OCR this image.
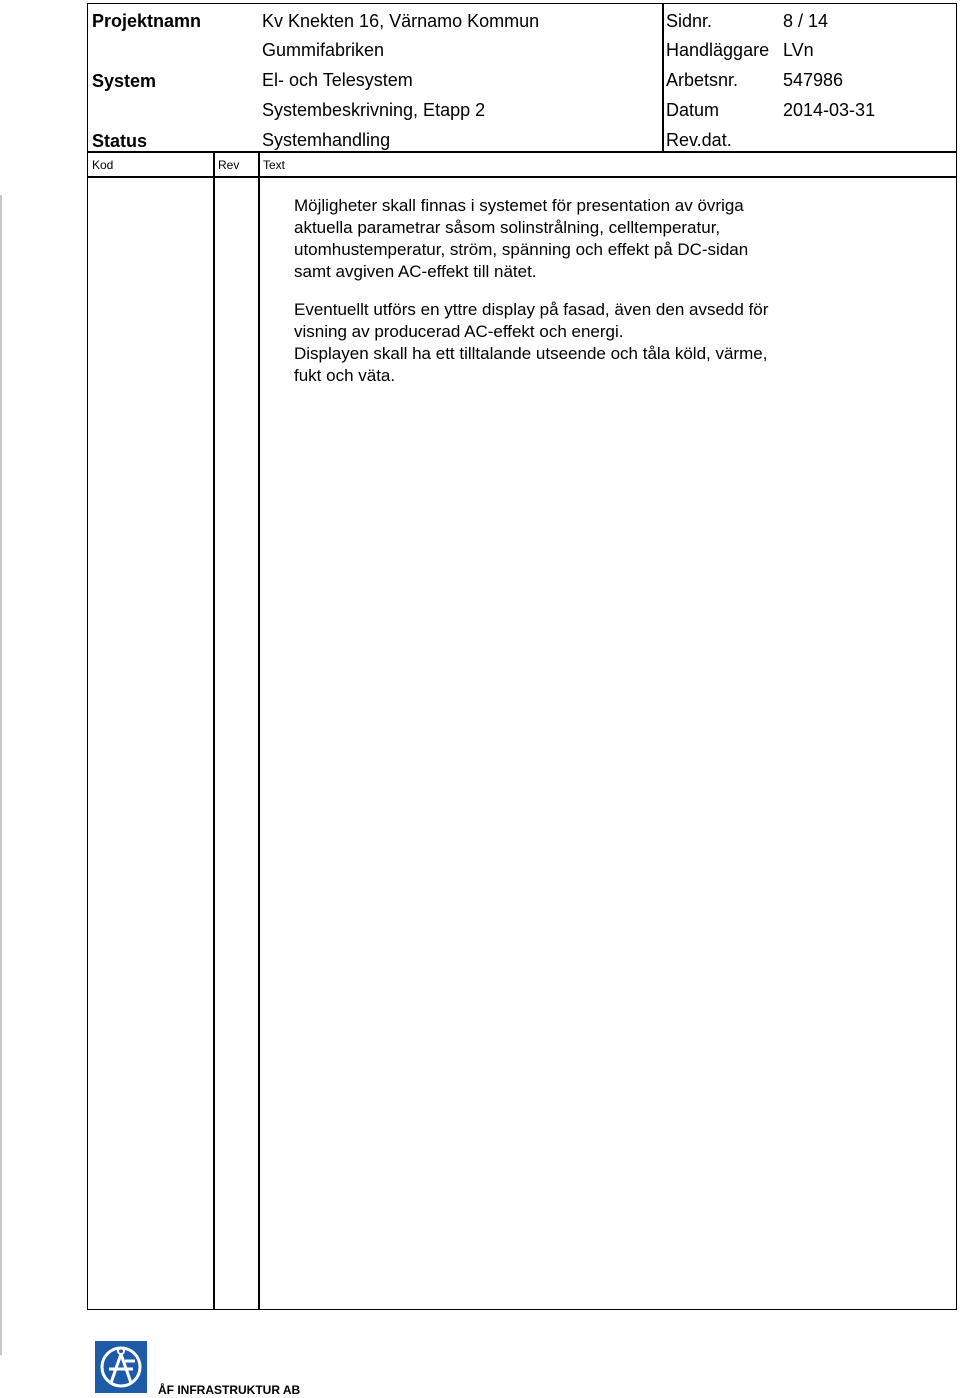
Projektnamn	Kv Knekten 16, Värnamo Kommun
Gummifabriken
System	El- och Telesystem
Systembeskrivning, Etapp 2
Status	Systemhandling
Sidnr.	8 / 14
Handläggare LVn
Arbetsnr. 547986
Datum	2014-03-31
Rev.dat.
Kod	Rev Text

Möjligheter skall finnas i systemet för presentation av övriga
aktuella parametrar såsom solinstrålning, celltemperatur,
utomhustemperatur, ström, spänning och effekt på DC-sidan
samt avgiven AC-effekt till nätet.

Eventuellt utförs en yttre display på fasad, även den avsedd för
visning av producerad AC-effekt och energi.
Displayen skall ha ett tilltalande utseende och tåla köld, värme,
fukt och väta.

ÅF INFRASTRUKTUR AB
